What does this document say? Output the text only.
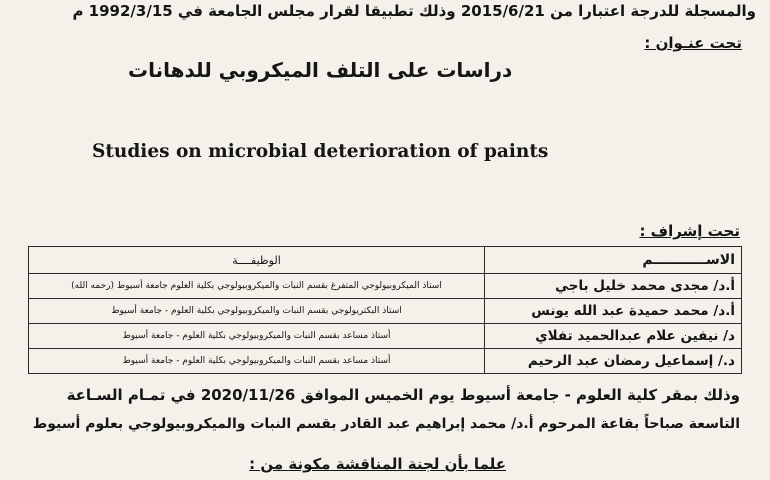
والمسجلة للدرجة اعتبارا من 2015/6/21 وذلك تطبيقا لقرار مجلس الجامعة في 1992/3/15 م
تحت عنـوان :
دراسات على التلف الميكروبي للدهانات
Studies on microbial deterioration of paints
تحت إشراف :
الاســـــــــــم	الوظيفــــة
أ.د/ مجدى محمد خليل باجي	استاذ الميكروبيولوجي المتفرغ بقسم النبات والميكروبيولوجي بكلية العلوم جامعة أسيوط (رحمه الله)
أ.د/ محمد حميدة عبد الله يونس	استاذ البكتريولوجي بقسم النبات والميكروبيولوجي بكلية العلوم - جامعة أسيوط
د/ نيفين علام عبدالحميد تفلاي	أستاذ مساعد بقسم النبات والميكروبيولوجي بكلية العلوم - جامعة أسيوط
د./ إسماعيل رمضان عبد الرحيم	أستاذ مساعد بقسم النبات والميكروبيولوجي بكلية العلوم - جامعة أسيوط
وذلك بمقر كلية العلوم - جامعة أسيوط يوم الخميس الموافق 2020/11/26 في تمـام السـاعة
التاسعة صباحاً بقاعة المرحوم أ.د/ محمد إبراهيم عبد القادر بقسم النبات والميكروبيولوجي بعلوم أسيوط
علما بأن لجنة المناقشة مكونة من :
